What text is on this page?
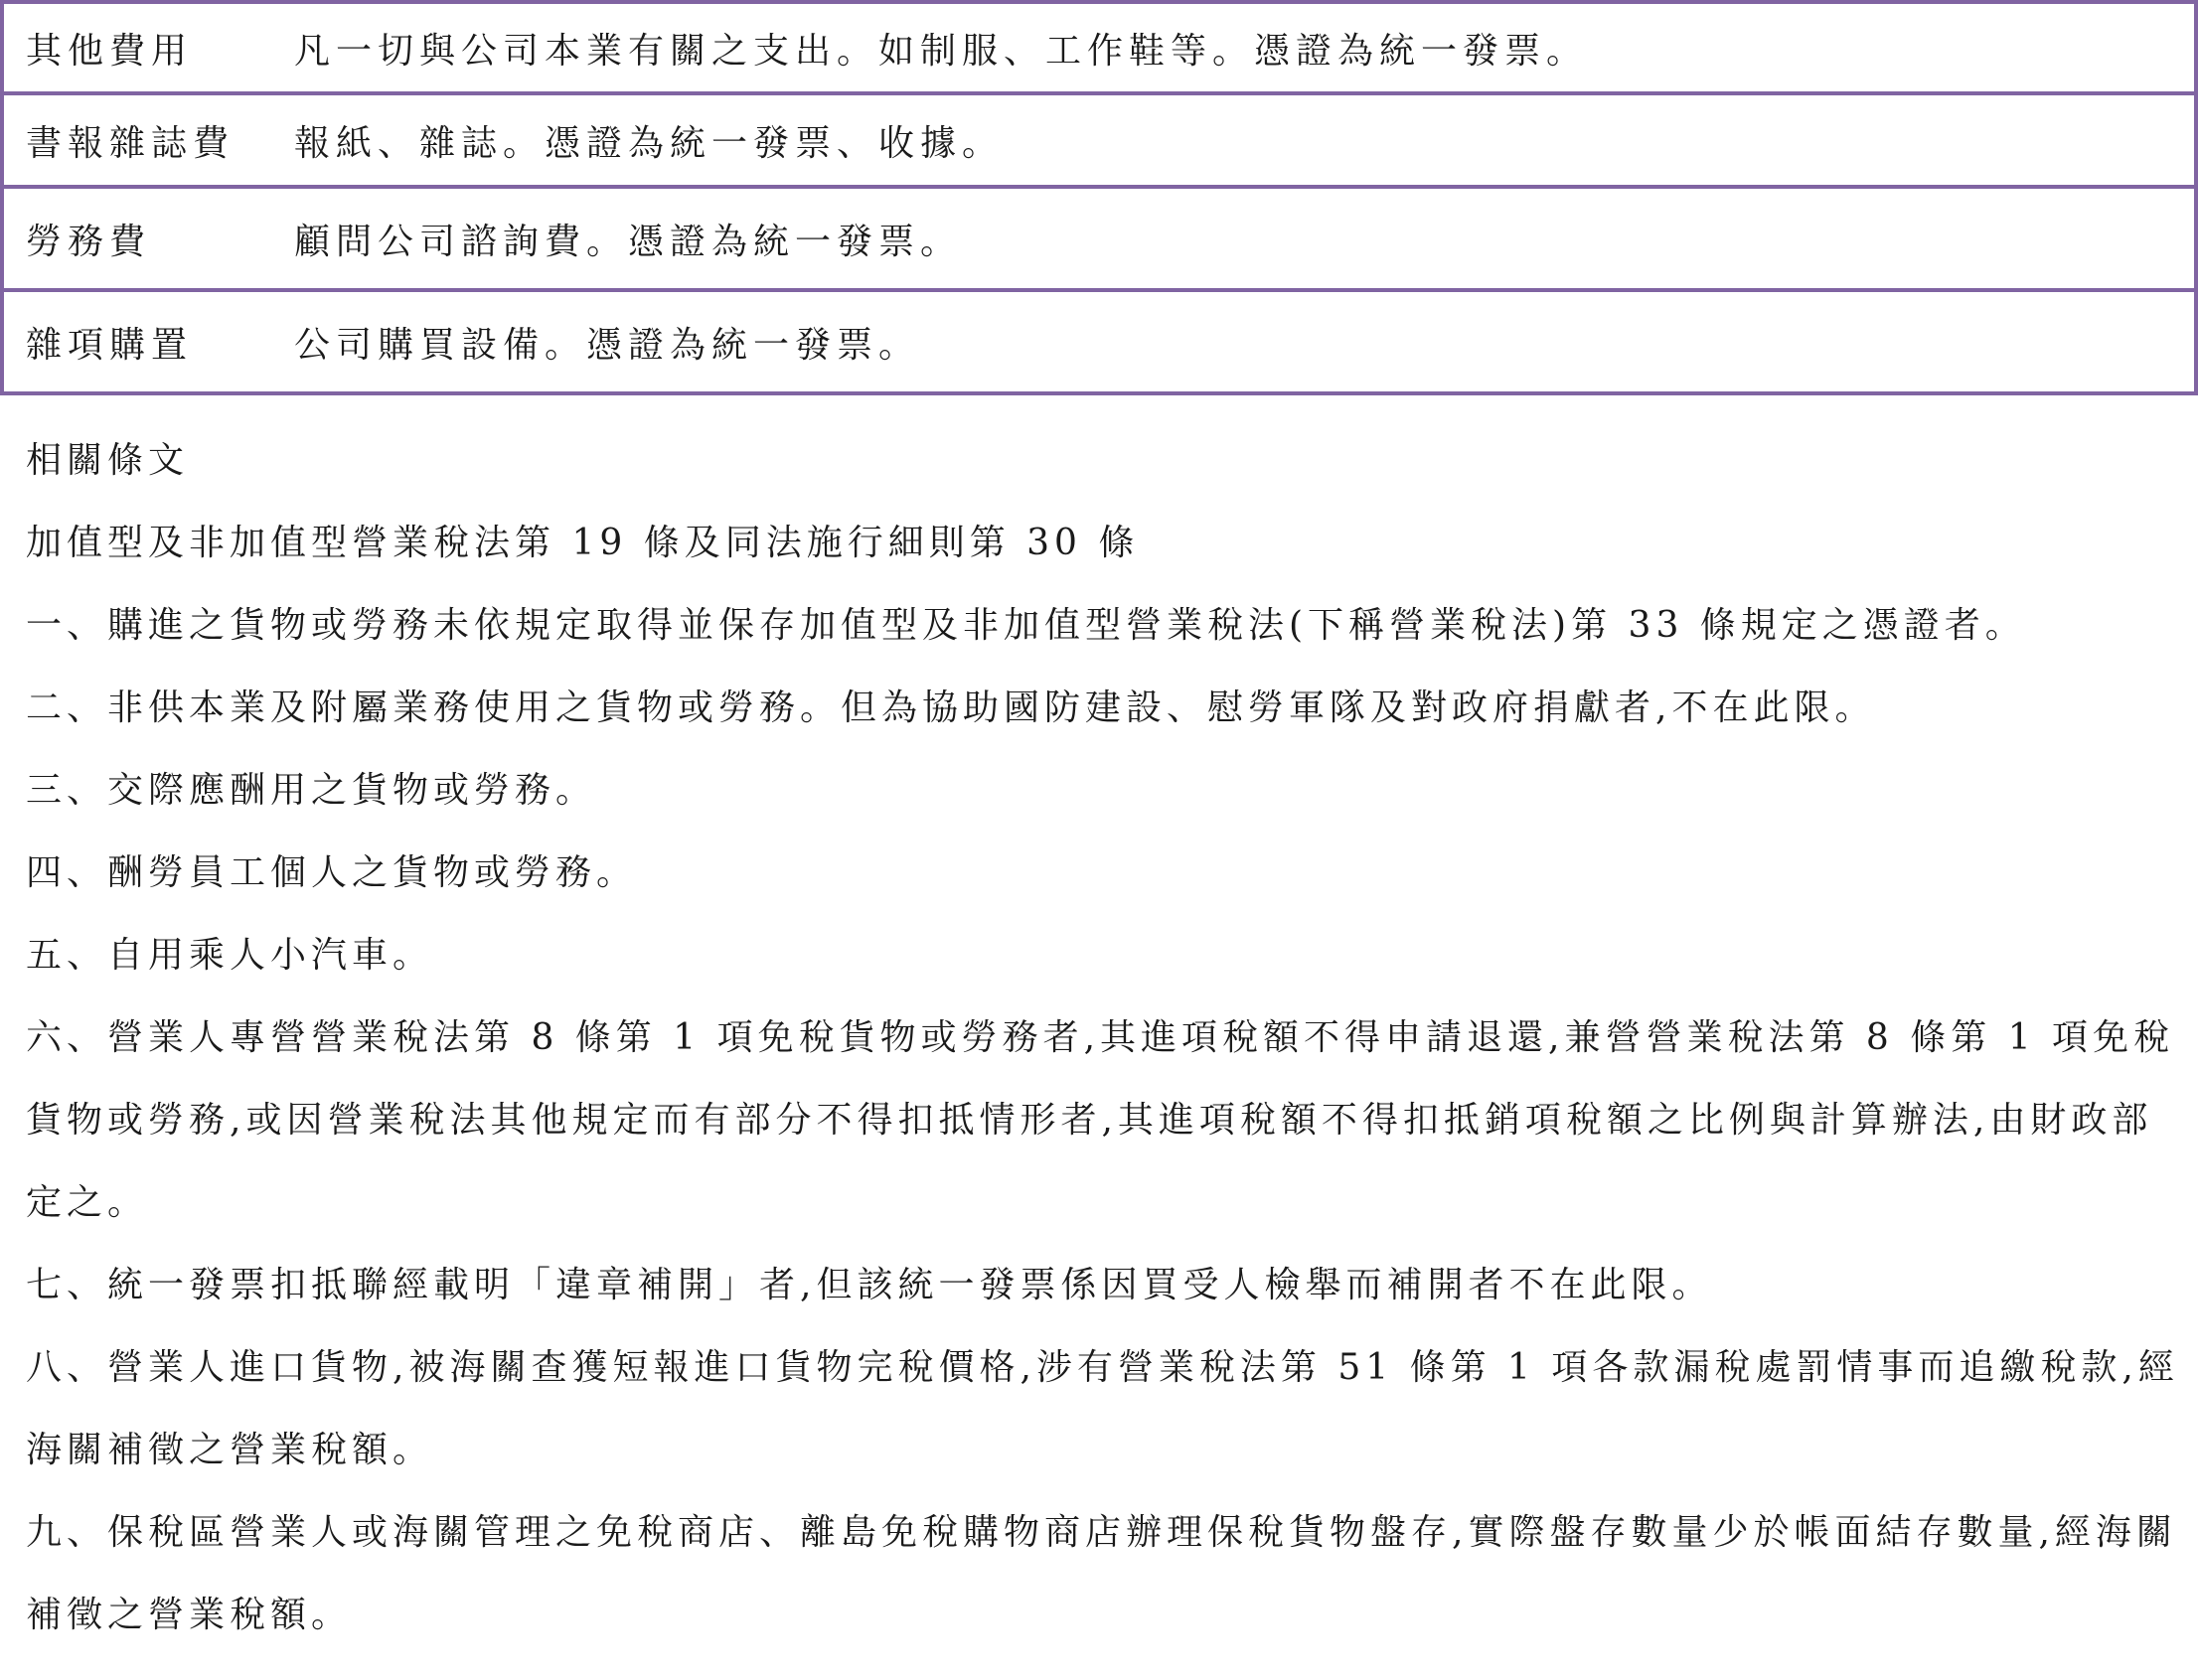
其他費用	凡一切與公司本業有關之支出。如制服、工作鞋等。憑證為統一發票。
書報雜誌費	報紙、雜誌。憑證為統一發票、收據。
勞務費	顧問公司諮詢費。憑證為統一發票。
雜項購置	公司購買設備。憑證為統一發票。
相關條文
加值型及非加值型營業稅法第 19 條及同法施行細則第 30 條
一、購進之貨物或勞務未依規定取得並保存加值型及非加值型營業稅法(下稱營業稅法)第 33 條規定之憑證者。
二、非供本業及附屬業務使用之貨物或勞務。但為協助國防建設、慰勞軍隊及對政府捐獻者,不在此限。
三、交際應酬用之貨物或勞務。
四、酬勞員工個人之貨物或勞務。
五、自用乘人小汽車。
六、營業人專營營業稅法第 8 條第 1 項免稅貨物或勞務者,其進項稅額不得申請退還,兼營營業稅法第 8 條第 1 項免稅貨物或勞務,或因營業稅法其他規定而有部分不得扣抵情形者,其進項稅額不得扣抵銷項稅額之比例與計算辦法,由財政部定之。
七、統一發票扣抵聯經載明「違章補開」者,但該統一發票係因買受人檢舉而補開者不在此限。
八、營業人進口貨物,被海關查獲短報進口貨物完稅價格,涉有營業稅法第 51 條第 1 項各款漏稅處罰情事而追繳稅款,經海關補徵之營業稅額。
九、保稅區營業人或海關管理之免稅商店、離島免稅購物商店辦理保稅貨物盤存,實際盤存數量少於帳面結存數量,經海關補徵之營業稅額。
